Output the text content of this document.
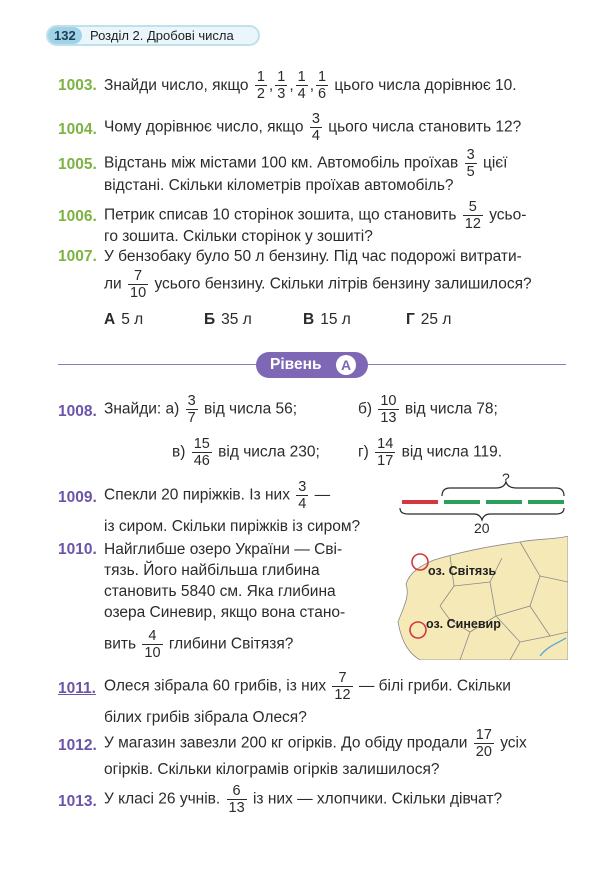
132	Розділ 2. Дробові числа
1003. Знайди число, якщо $\frac{1}{2}$ , $\frac{1}{3}$ , $\frac{1}{4}$ , $\frac{1}{6}$ цього числа дорівнює 10.
1004. Чому дорівнює число, якщо $\frac{3}{4}$ цього числа становить 12?
1005. Відстань між містами 100 км. Автомобіль проїхав $\frac{3}{5}$ цієї
відстані. Скільки кілометрів проїхав автомобіль?
1006. Петрик списав 10 сторінок зошита, що становить $\frac{5}{12}$ усьо-
го зошита. Скільки сторінок у зошиті?
1007. У бензобаку було 50 л бензину. Під час подорожі витрати-
ли $\frac{7}{10}$ усього бензину. Скільки літрів бензину залишилося?
А 5 л	Б 35 л	В 15 л	Г 25 л
Рівень	А
1008. Знайди: $а) \frac{3}{7}$ від числа 56;	$б) \frac{10}{13}$ від числа 78;
$в) \frac{15}{46}$ від числа 230; $г) \frac{14}{17}$ від числа 119.
1009. Спекли 20 пиріжків. Із них $\frac{3}{4}$ —
із сиром. Скільки пиріжків із сиром?
?
20
1010. Найглибше озеро України — Сві-
тязь. Його найбільша глибина
становить 5840 см. Яка глибина
озера Синевир, якщо вона стано-
вить $\frac{4}{10}$ глибини Світязя?
оз. Світязь
оз. Синевир
1011. Олеся зібрала 60 грибів, із них $\frac{7}{12}$ — білі гриби. Скільки
білих грибів зібрала Олеся?
1012. У магазин завезли 200 кг огірків. До обіду продали $\frac{17}{20}$ усіх
огірків. Скільки кілограмів огірків залишилося?
1013. У класі 26 учнів. $\frac{6}{13}$ із них — хлопчики. Скільки дівчат?
